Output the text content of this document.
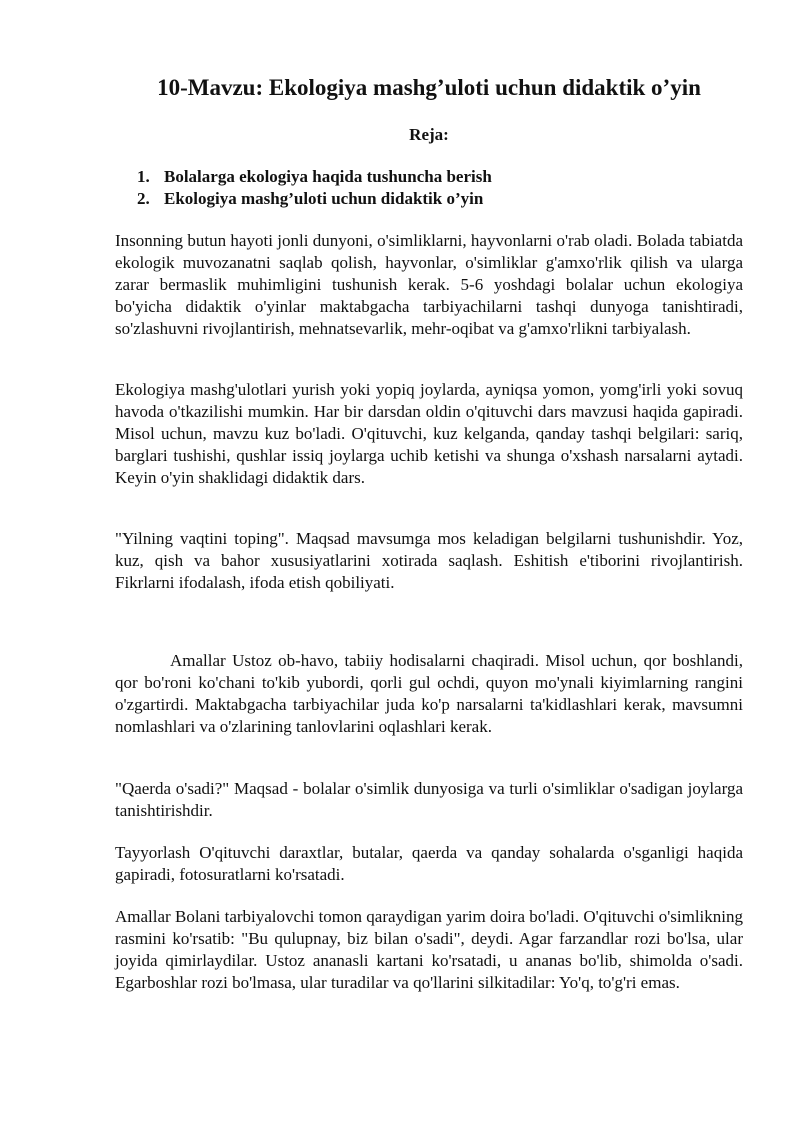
10-Mavzu: Ekologiya mashg’uloti uchun didaktik o’yin
Reja:
1. Bolalarga ekologiya haqida tushuncha berish
2. Ekologiya mashg’uloti uchun didaktik o’yin

Insonning butun hayoti jonli dunyoni, o'simliklarni, hayvonlarni o'rab oladi. Bolada tabiatda ekologik muvozanatni saqlab qolish, hayvonlar, o'simliklar g'amxo'rlik qilish va ularga zarar bermaslik muhimligini tushunish kerak. 5-6 yoshdagi bolalar uchun ekologiya bo'yicha didaktik o'yinlar maktabgacha tarbiyachilarni tashqi dunyoga tanishtiradi, so'zlashuvni rivojlantirish, mehnatsevarlik, mehr-oqibat va g'amxo'rlikni tarbiyalash.

Ekologiya mashg'ulotlari yurish yoki yopiq joylarda, ayniqsa yomon, yomg'irli yoki sovuq havoda o'tkazilishi mumkin. Har bir darsdan oldin o'qituvchi dars mavzusi haqida gapiradi. Misol uchun, mavzu kuz bo'ladi. O'qituvchi, kuz kelganda, qanday tashqi belgilari: sariq, barglari tushishi, qushlar issiq joylarga uchib ketishi va shunga o'xshash narsalarni aytadi. Keyin o'yin shaklidagi didaktik dars.

"Yilning vaqtini toping". Maqsad mavsumga mos keladigan belgilarni tushunishdir. Yoz, kuz, qish va bahor xususiyatlarini xotirada saqlash. Eshitish e'tiborini rivojlantirish. Fikrlarni ifodalash, ifoda etish qobiliyati.

Amallar Ustoz ob-havo, tabiiy hodisalarni chaqiradi. Misol uchun, qor boshlandi, qor bo'roni ko'chani to'kib yubordi, qorli gul ochdi, quyon mo'ynali kiyimlarning rangini o'zgartirdi. Maktabgacha tarbiyachilar juda ko'p narsalarni ta'kidlashlari kerak, mavsumni nomlashlari va o'zlarining tanlovlarini oqlashlari kerak.

"Qaerda o'sadi?" Maqsad - bolalar o'simlik dunyosiga va turli o'simliklar o'sadigan joylarga tanishtirishdir.

Tayyorlash O'qituvchi daraxtlar, butalar, qaerda va qanday sohalarda o'sganligi haqida gapiradi, fotosuratlarni ko'rsatadi.

Amallar Bolani tarbiyalovchi tomon qaraydigan yarim doira bo'ladi. O'qituvchi o'simlikning rasmini ko'rsatib: "Bu qulupnay, biz bilan o'sadi", deydi. Agar farzandlar rozi bo'lsa, ular joyida qimirlaydilar. Ustoz ananasli kartani ko'rsatadi, u ananas bo'lib, shimolda o'sadi. Egarboshlar rozi bo'lmasa, ular turadilar va qo'llarini silkitadilar: Yo'q, to'g'ri emas.
